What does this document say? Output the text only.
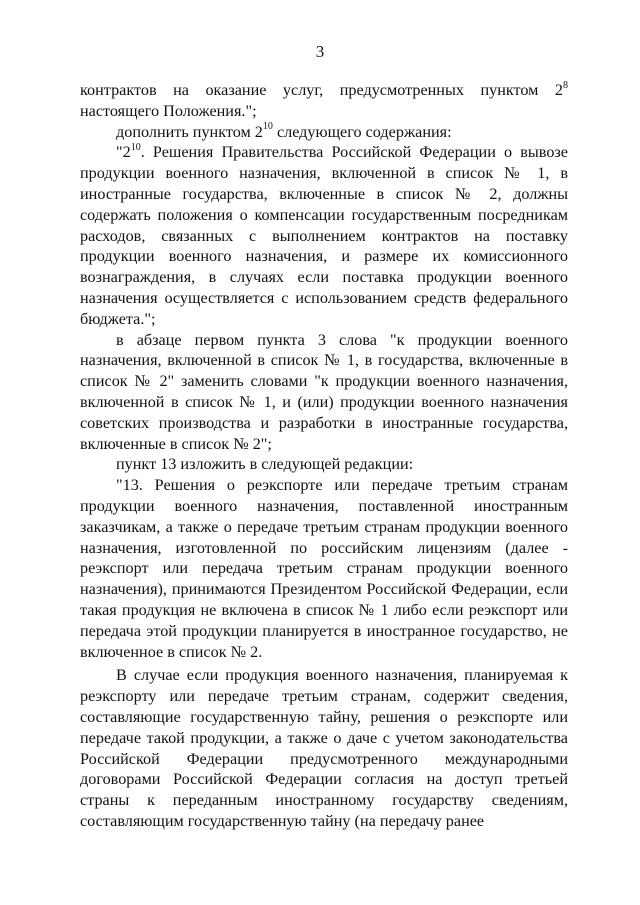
3

контрактов на оказание услуг, предусмотренных пунктом $2^8$ настоящего Положения.";

дополнить пунктом $2^{10}$ следующего содержания:

"$2^{10}$. Решения Правительства Российской Федерации о вывозе продукции военного назначения, включенной в список № 1, в иностранные государства, включенные в список № 2, должны содержать положения о компенсации государственным посредникам расходов, связанных с выполнением контрактов на поставку продукции военного назначения, и размере их комиссионного вознаграждения, в случаях если поставка продукции военного назначения осуществляется с использованием средств федерального бюджета.";

в абзаце первом пункта 3 слова "к продукции военного назначения, включенной в список № 1, в государства, включенные в список № 2" заменить словами "к продукции военного назначения, включенной в список № 1, и (или) продукции военного назначения советских производства и разработки в иностранные государства, включенные в список № 2";

пункт 13 изложить в следующей редакции:

"13. Решения о реэкспорте или передаче третьим странам продукции военного назначения, поставленной иностранным заказчикам, а также о передаче третьим странам продукции военного назначения, изготовленной по российским лицензиям (далее - реэкспорт или передача третьим странам продукции военного назначения), принимаются Президентом Российской Федерации, если такая продукция не включена в список № 1 либо если реэкспорт или передача этой продукции планируется в иностранное государство, не включенное в список № 2.

В случае если продукция военного назначения, планируемая к реэкспорту или передаче третьим странам, содержит сведения, составляющие государственную тайну, решения о реэкспорте или передаче такой продукции, а также о даче с учетом законодательства Российской Федерации предусмотренного международными договорами Российской Федерации согласия на доступ третьей страны к переданным иностранному государству сведениям, составляющим государственную тайну (на передачу ранее
